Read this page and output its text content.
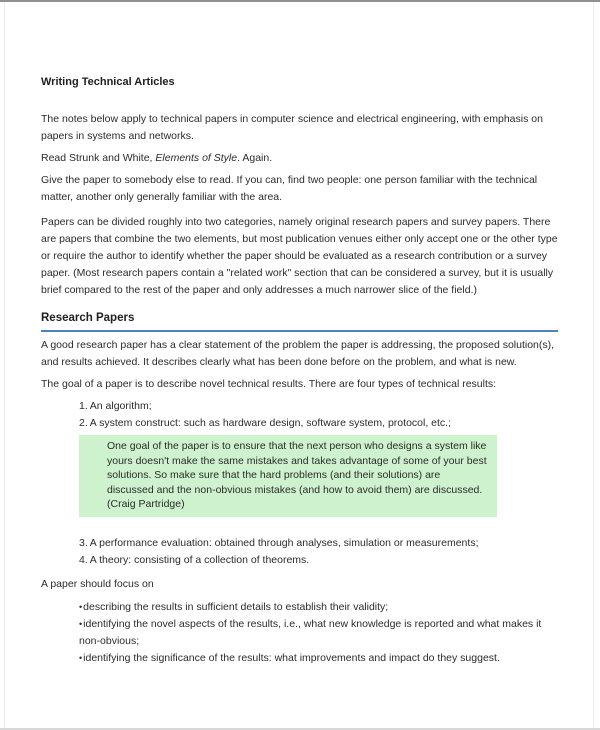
Writing Technical Articles

The notes below apply to technical papers in computer science and electrical engineering, with emphasis on papers in systems and networks.

Read Strunk and White, Elements of Style. Again.

Give the paper to somebody else to read. If you can, find two people: one person familiar with the technical matter, another only generally familiar with the area.

Papers can be divided roughly into two categories, namely original research papers and survey papers. There are papers that combine the two elements, but most publication venues either only accept one or the other type or require the author to identify whether the paper should be evaluated as a research contribution or a survey paper. (Most research papers contain a "related work" section that can be considered a survey, but it is usually brief compared to the rest of the paper and only addresses a much narrower slice of the field.)

Research Papers

A good research paper has a clear statement of the problem the paper is addressing, the proposed solution(s), and results achieved. It describes clearly what has been done before on the problem, and what is new.

The goal of a paper is to describe novel technical results. There are four types of technical results:

1. An algorithm;

2. A system construct: such as hardware design, software system, protocol, etc.;

One goal of the paper is to ensure that the next person who designs a system like yours doesn't make the same mistakes and takes advantage of some of your best solutions. So make sure that the hard problems (and their solutions) are discussed and the non-obvious mistakes (and how to avoid them) are discussed. (Craig Partridge)

3. A performance evaluation: obtained through analyses, simulation or measurements;

4. A theory: consisting of a collection of theorems.

A paper should focus on

•describing the results in sufficient details to establish their validity;

•identifying the novel aspects of the results, i.e., what new knowledge is reported and what makes it non-obvious;

•identifying the significance of the results: what improvements and impact do they suggest.
